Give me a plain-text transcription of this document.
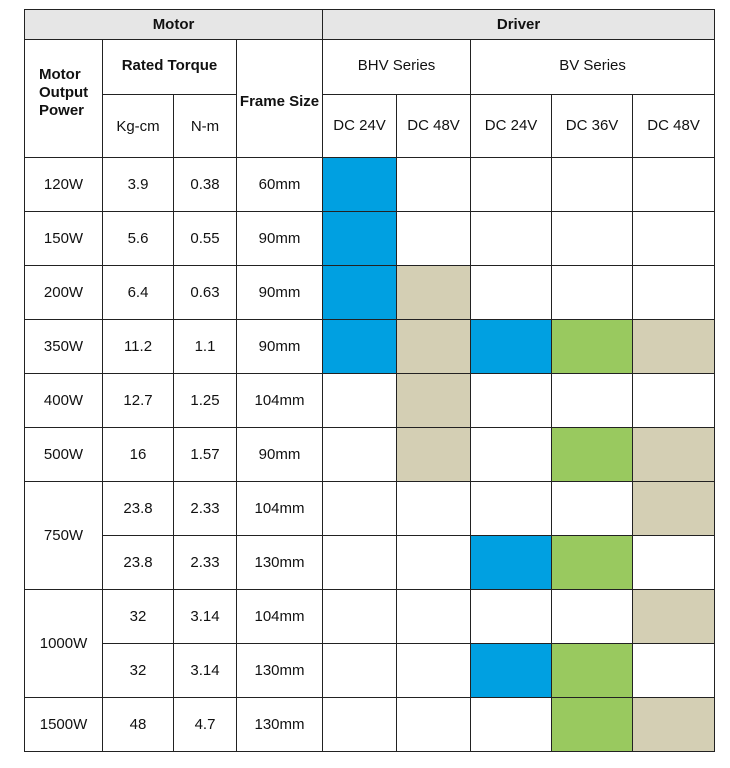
Motor				Driver				
Motor Output Power	Rated Torque		Frame Size	BHV Series		BV Series		
	Kg-cm	N-m		DC 24V	DC 48V	DC 24V	DC 36V	DC 48V
120W	3.9	0.38	60mm					
150W	5.6	0.55	90mm					
200W	6.4	0.63	90mm					
350W	11.2	1.1	90mm					
400W	12.7	1.25	104mm					
500W	16	1.57	90mm					
750W	23.8	2.33	104mm					
	23.8	2.33	130mm					
1000W	32	3.14	104mm					
	32	3.14	130mm					
1500W	48	4.7	130mm					
